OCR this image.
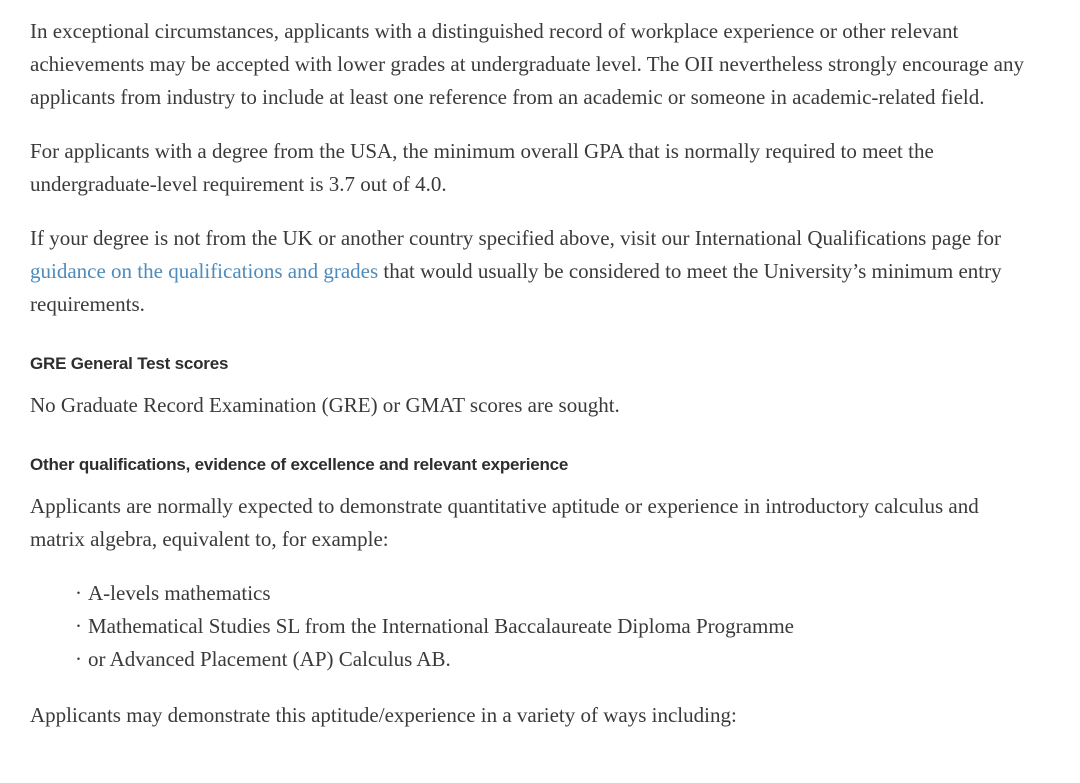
In exceptional circumstances, applicants with a distinguished record of workplace experience or other relevant achievements may be accepted with lower grades at undergraduate level. The OII nevertheless strongly encourage any applicants from industry to include at least one reference from an academic or someone in academic-related field.

For applicants with a degree from the USA, the minimum overall GPA that is normally required to meet the undergraduate-level requirement is 3.7 out of 4.0.

If your degree is not from the UK or another country specified above, visit our International Qualifications page for guidance on the qualifications and grades that would usually be considered to meet the University’s minimum entry requirements.

GRE General Test scores

No Graduate Record Examination (GRE) or GMAT scores are sought.

Other qualifications, evidence of excellence and relevant experience

Applicants are normally expected to demonstrate quantitative aptitude or experience in introductory calculus and matrix algebra, equivalent to, for example:

· A-levels mathematics
· Mathematical Studies SL from the International Baccalaureate Diploma Programme
· or Advanced Placement (AP) Calculus AB.

Applicants may demonstrate this aptitude/experience in a variety of ways including:
